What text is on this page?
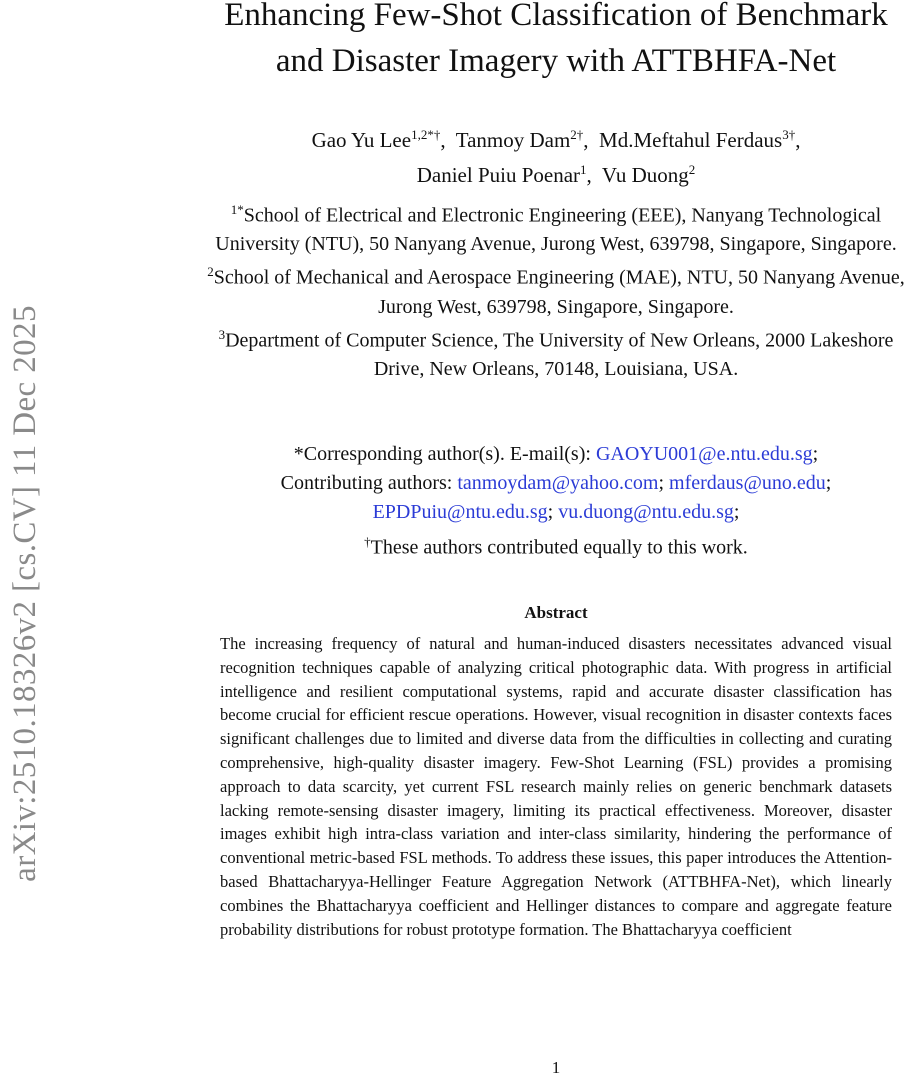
arXiv:2510.18326v2 [cs.CV] 11 Dec 2025
Enhancing Few-Shot Classification of Benchmark
and Disaster Imagery with ATTBHFA-Net
Gao Yu Lee$^{1,2*\dagger}$,  Tanmoy Dam$^{2\dagger}$,  Md.Meftahul Ferdaus$^{3\dagger}$,
Daniel Puiu Poenar$^1$,  Vu Duong$^2$
$^{1*}$School of Electrical and Electronic Engineering (EEE), Nanyang Technological University (NTU), 50 Nanyang Avenue, Jurong West, 639798, Singapore, Singapore.
$^2$School of Mechanical and Aerospace Engineering (MAE), NTU, 50 Nanyang Avenue, Jurong West, 639798, Singapore, Singapore.
$^3$Department of Computer Science, The University of New Orleans, 2000 Lakeshore Drive, New Orleans, 70148, Louisiana, USA.
*Corresponding author(s). E-mail(s): GAOYU001@e.ntu.edu.sg;
Contributing authors: tanmoydam@yahoo.com; mferdaus@uno.edu;
EPDPuiu@ntu.edu.sg; vu.duong@ntu.edu.sg;
†These authors contributed equally to this work.
Abstract

The increasing frequency of natural and human-induced disasters necessitates advanced visual recognition techniques capable of analyzing critical photographic data. With progress in artificial intelligence and resilient computational systems, rapid and accurate disaster classification has become crucial for efficient rescue operations. However, visual recognition in disaster contexts faces significant challenges due to limited and diverse data from the difficulties in collecting and curating comprehensive, high-quality disaster imagery. Few-Shot Learning (FSL) provides a promising approach to data scarcity, yet current FSL research mainly relies on generic benchmark datasets lacking remote-sensing disaster imagery, limiting its practical effectiveness. Moreover, disaster images exhibit high intra-class variation and inter-class similarity, hindering the performance of conventional metric-based FSL methods. To address these issues, this paper introduces the Attention-based Bhattacharyya-Hellinger Feature Aggregation Network (ATTBHFA-Net), which linearly combines the Bhattacharyya coefficient and Hellinger distances to compare and aggregate feature probability distributions for robust prototype formation. The Bhattacharyya coefficient

1
